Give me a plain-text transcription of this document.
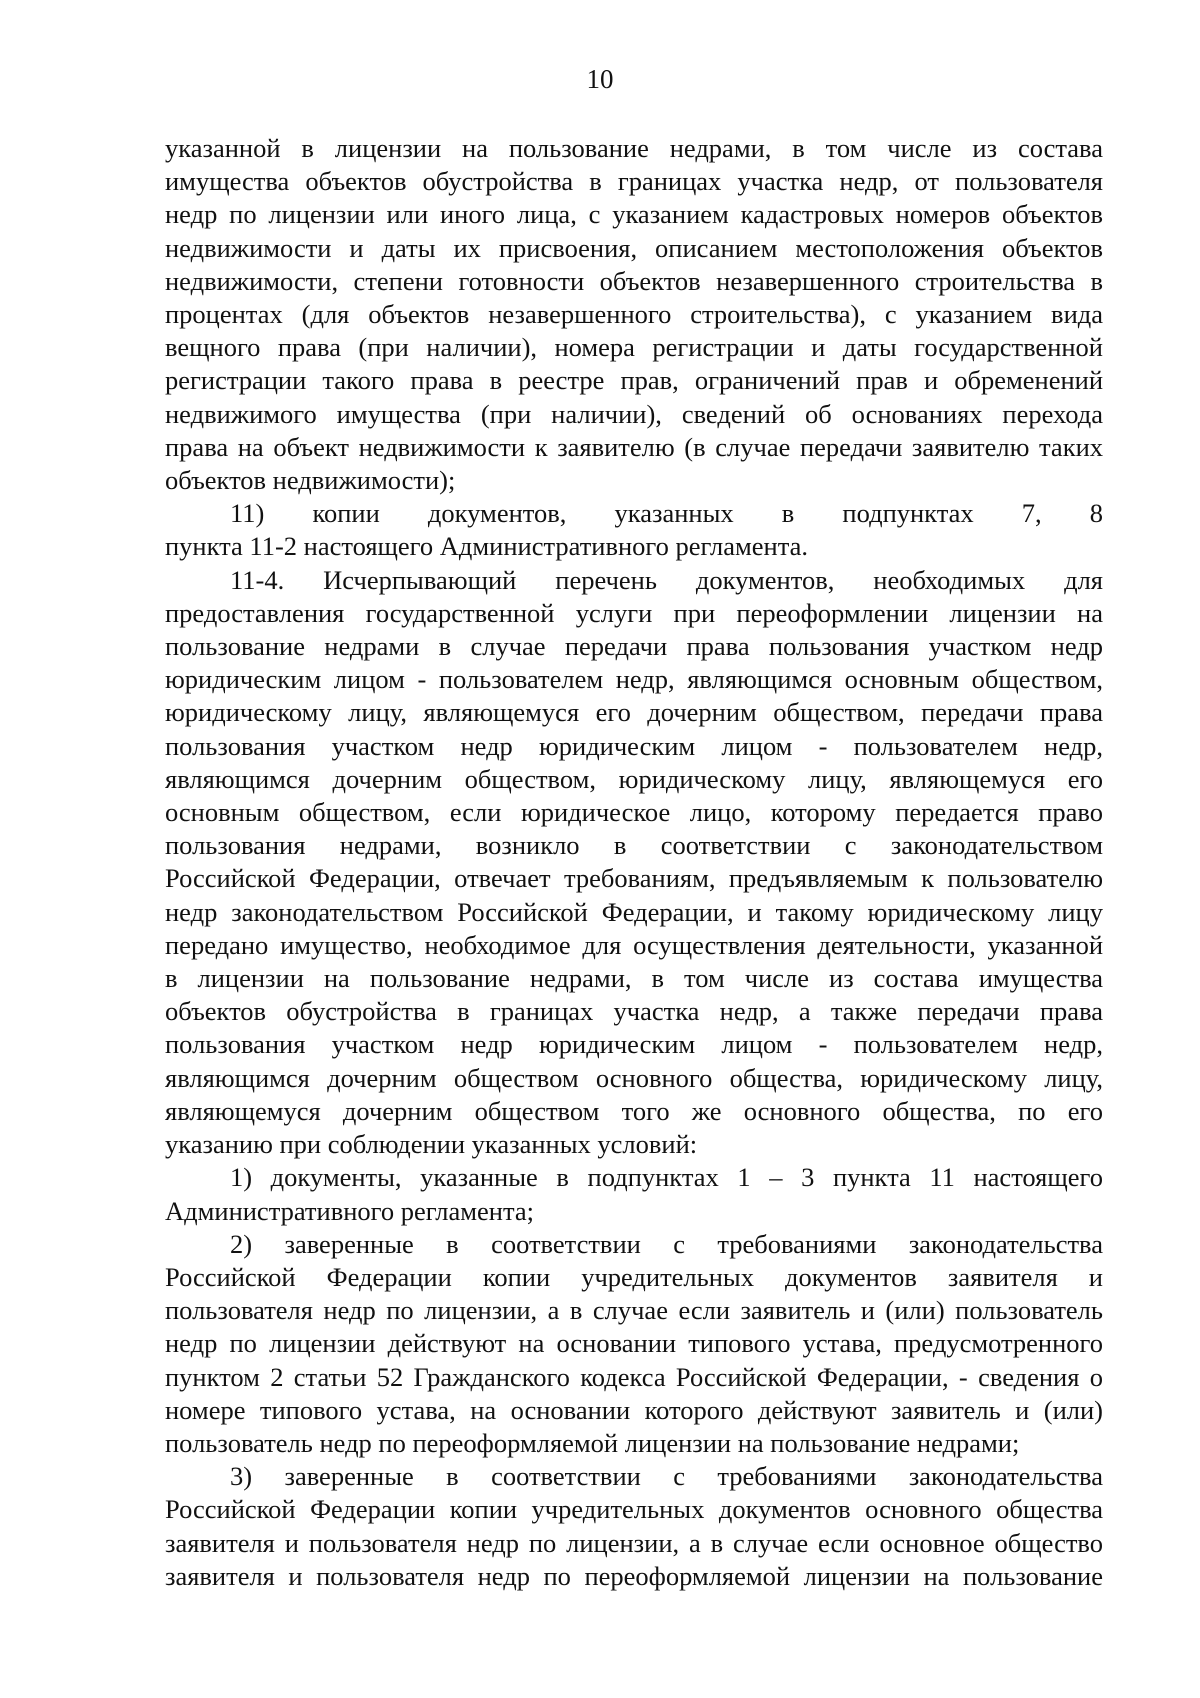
10
указанной в лицензии на пользование недрами, в том числе из состава
имущества объектов обустройства в границах участка недр, от пользователя
недр по лицензии или иного лица, с указанием кадастровых номеров объектов
недвижимости и даты их присвоения, описанием местоположения объектов
недвижимости, степени готовности объектов незавершенного строительства в
процентах (для объектов незавершенного строительства), с указанием вида
вещного права (при наличии), номера регистрации и даты государственной
регистрации такого права в реестре прав, ограничений прав и обременений
недвижимого имущества (при наличии), сведений об основаниях перехода
права на объект недвижимости к заявителю (в случае передачи заявителю таких
объектов недвижимости);
11) копии документов, указанных в подпунктах 7, 8
пункта 11-2 настоящего Административного регламента.
11-4. Исчерпывающий перечень документов, необходимых для
предоставления государственной услуги при переоформлении лицензии на
пользование недрами в случае передачи права пользования участком недр
юридическим лицом - пользователем недр, являющимся основным обществом,
юридическому лицу, являющемуся его дочерним обществом, передачи права
пользования участком недр юридическим лицом - пользователем недр,
являющимся дочерним обществом, юридическому лицу, являющемуся его
основным обществом, если юридическое лицо, которому передается право
пользования недрами, возникло в соответствии с законодательством
Российской Федерации, отвечает требованиям, предъявляемым к пользователю
недр законодательством Российской Федерации, и такому юридическому лицу
передано имущество, необходимое для осуществления деятельности, указанной
в лицензии на пользование недрами, в том числе из состава имущества
объектов обустройства в границах участка недр, а также передачи права
пользования участком недр юридическим лицом - пользователем недр,
являющимся дочерним обществом основного общества, юридическому лицу,
являющемуся дочерним обществом того же основного общества, по его
указанию при соблюдении указанных условий:
1) документы, указанные в подпунктах 1 – 3 пункта 11 настоящего
Административного регламента;
2) заверенные в соответствии с требованиями законодательства
Российской Федерации копии учредительных документов заявителя и
пользователя недр по лицензии, а в случае если заявитель и (или) пользователь
недр по лицензии действуют на основании типового устава, предусмотренного
пунктом 2 статьи 52 Гражданского кодекса Российской Федерации, - сведения о
номере типового устава, на основании которого действуют заявитель и (или)
пользователь недр по переоформляемой лицензии на пользование недрами;
3) заверенные в соответствии с требованиями законодательства
Российской Федерации копии учредительных документов основного общества
заявителя и пользователя недр по лицензии, а в случае если основное общество
заявителя и пользователя недр по переоформляемой лицензии на пользование
